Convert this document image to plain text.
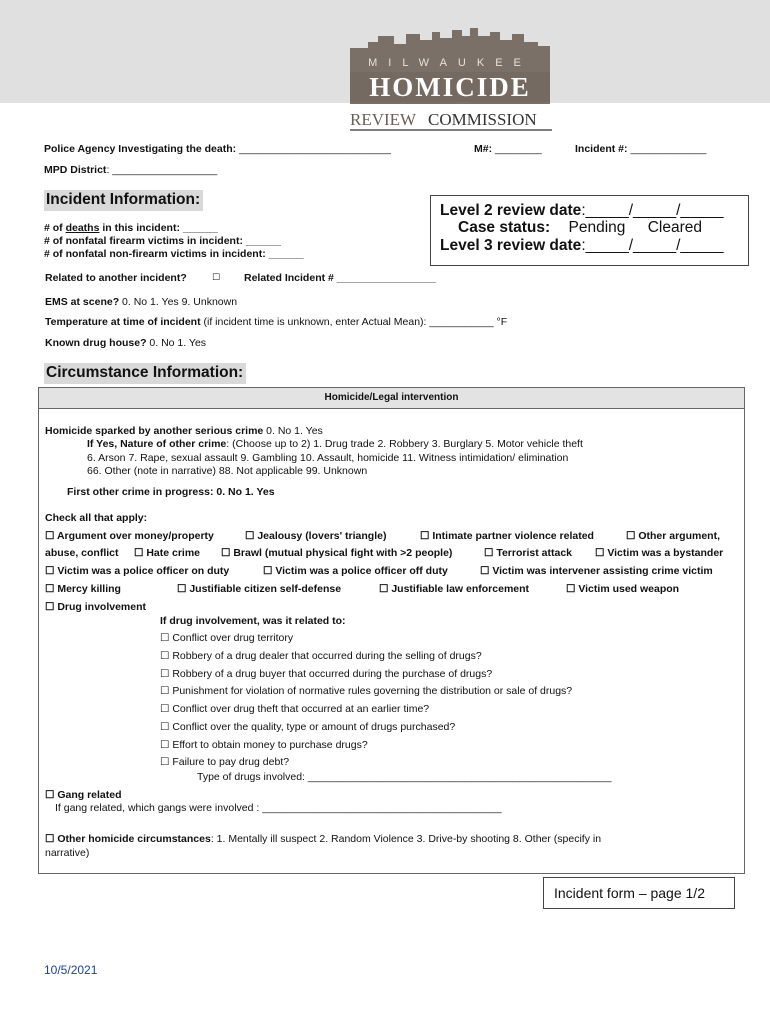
MILWAUKEE
HOMICIDE
REVIEW COMMISSION
Police Agency Investigating the death: __________________________	M#: ________	Incident #: _____________
MPD District: __________________
Incident Information:
# of deaths in this incident: ______
# of nonfatal firearm victims in incident: ______
# of nonfatal non-firearm victims in incident: ______
Level 2 review date:_____/_____/_____
Case status: Pending Cleared
Level 3 review date:_____/_____/_____
Related to another incident?	☐ Related Incident # _________________
EMS at scene? 0. No 1. Yes 9. Unknown
Temperature at time of incident (if incident time is unknown, enter Actual Mean): ___________ °F
Known drug house? 0. No 1. Yes
Circumstance Information:
Homicide/Legal intervention
Homicide sparked by another serious crime 0. No 1. Yes
If Yes, Nature of other crime: (Choose up to 2) 1. Drug trade 2. Robbery 3. Burglary 5. Motor vehicle theft
6. Arson 7. Rape, sexual assault 9. Gambling 10. Assault, homicide 11. Witness intimidation/ elimination
66. Other (note in narrative) 88. Not applicable 99. Unknown
First other crime in progress: 0. No 1. Yes
Check all that apply:
☐ Argument over money/property	☐ Jealousy (lovers' triangle)	☐ Intimate partner violence related	☐ Other argument,
abuse, conflict ☐ Hate crime ☐ Brawl (mutual physical fight with >2 people)	☐ Terrorist attack ☐ Victim was a bystander
☐ Victim was a police officer on duty	☐ Victim was a police officer off duty	☐ Victim was intervener assisting crime victim
☐ Mercy killing	☐ Justifiable citizen self-defense	☐ Justifiable law enforcement	☐ Victim used weapon
☐ Drug involvement
If drug involvement, was it related to:
☐ Conflict over drug territory
☐ Robbery of a drug dealer that occurred during the selling of drugs?
☐ Robbery of a drug buyer that occurred during the purchase of drugs?
☐ Punishment for violation of normative rules governing the distribution or sale of drugs?
☐ Conflict over drug theft that occurred at an earlier time?
☐ Conflict over the quality, type or amount of drugs purchased?
☐ Effort to obtain money to purchase drugs?
☐ Failure to pay drug debt?
Type of drugs involved: ____________________________________________________
☐ Gang related
If gang related, which gangs were involved : _________________________________________
☐ Other homicide circumstances: 1. Mentally ill suspect 2. Random Violence 3. Drive-by shooting 8. Other (specify in
narrative)
Incident form – page 1/2
10/5/2021
